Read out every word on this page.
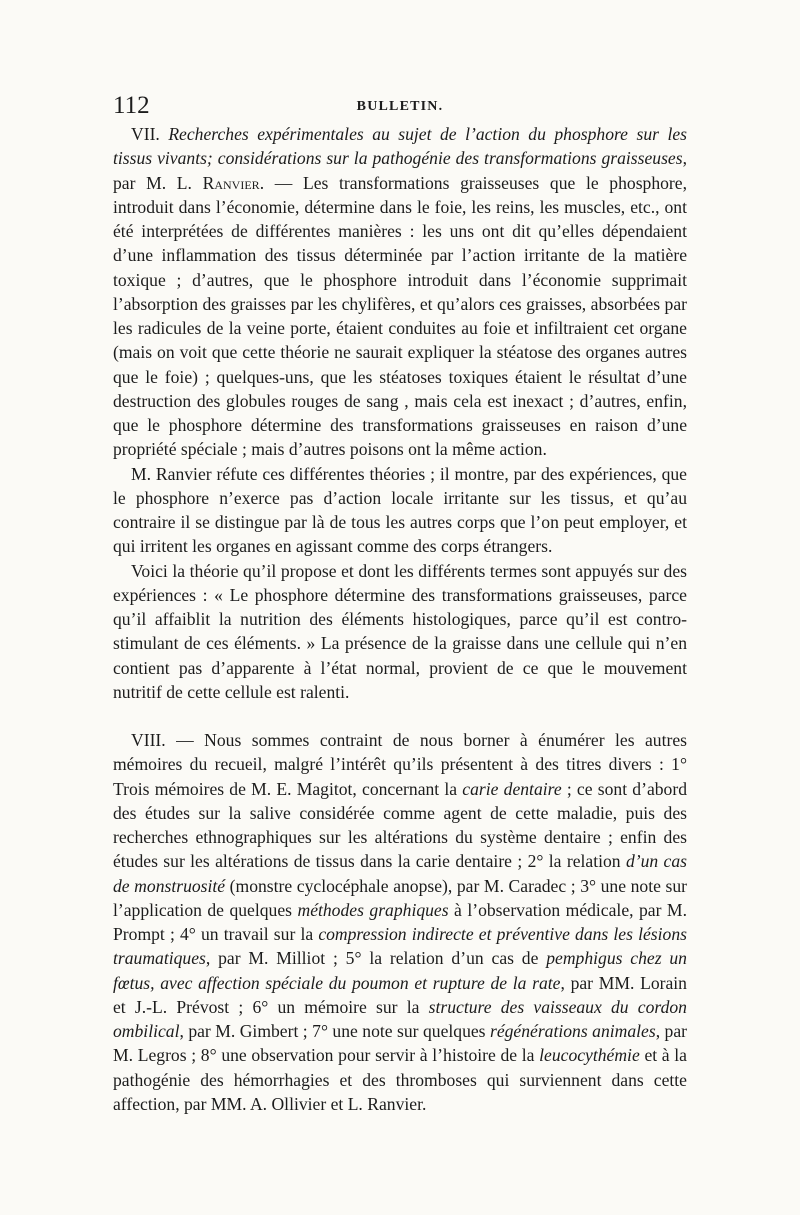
112	BULLETIN.

VII. Recherches expérimentales au sujet de l’action du phosphore sur les tissus vivants; considérations sur la pathogénie des transformations graisseuses, par M. L. Ranvier. — Les transformations graisseuses que le phosphore, introduit dans l’économie, détermine dans le foie, les reins, les muscles, etc., ont été interprétées de différentes manières : les uns ont dit qu’elles dépendaient d’une inflammation des tissus déterminée par l’action irritante de la matière toxique ; d’autres, que le phosphore introduit dans l’économie supprimait l’absorption des graisses par les chylifères, et qu’alors ces graisses, absorbées par les radicules de la veine porte, étaient conduites au foie et infiltraient cet organe (mais on voit que cette théorie ne saurait expliquer la stéatose des organes autres que le foie) ; quelques-uns, que les stéatoses toxiques étaient le résultat d’une destruction des globules rouges de sang , mais cela est inexact ; d’autres, enfin, que le phosphore détermine des transformations graisseuses en raison d’une propriété spéciale ; mais d’autres poisons ont la même action.

M. Ranvier réfute ces différentes théories ; il montre, par des expériences, que le phosphore n’exerce pas d’action locale irritante sur les tissus, et qu’au contraire il se distingue par là de tous les autres corps que l’on peut employer, et qui irritent les organes en agissant comme des corps étrangers.

Voici la théorie qu’il propose et dont les différents termes sont appuyés sur des expériences : « Le phosphore détermine des transformations graisseuses, parce qu’il affaiblit la nutrition des éléments histologiques, parce qu’il est contro-stimulant de ces éléments. » La présence de la graisse dans une cellule qui n’en contient pas d’apparente à l’état normal, provient de ce que le mouvement nutritif de cette cellule est ralenti.

VIII. — Nous sommes contraint de nous borner à énumérer les autres mémoires du recueil, malgré l’intérêt qu’ils présentent à des titres divers : 1° Trois mémoires de M. E. Magitot, concernant la carie dentaire ; ce sont d’abord des études sur la salive considérée comme agent de cette maladie, puis des recherches ethnographiques sur les altérations du système dentaire ; enfin des études sur les altérations de tissus dans la carie dentaire ; 2° la relation d’un cas de monstruosité (monstre cyclocéphale anopse), par M. Caradec ; 3° une note sur l’application de quelques méthodes graphiques à l’observation médicale, par M. Prompt ; 4° un travail sur la compression indirecte et préventive dans les lésions traumatiques, par M. Milliot ; 5° la relation d’un cas de pemphigus chez un fœtus, avec affection spéciale du poumon et rupture de la rate, par MM. Lorain et J.-L. Prévost ; 6° un mémoire sur la structure des vaisseaux du cordon ombilical, par M. Gimbert ; 7° une note sur quelques régénérations animales, par M. Legros ; 8° une observation pour servir à l’histoire de la leucocythémie et à la pathogénie des hémorrhagies et des thromboses qui surviennent dans cette affection, par MM. A. Ollivier et L. Ranvier.
